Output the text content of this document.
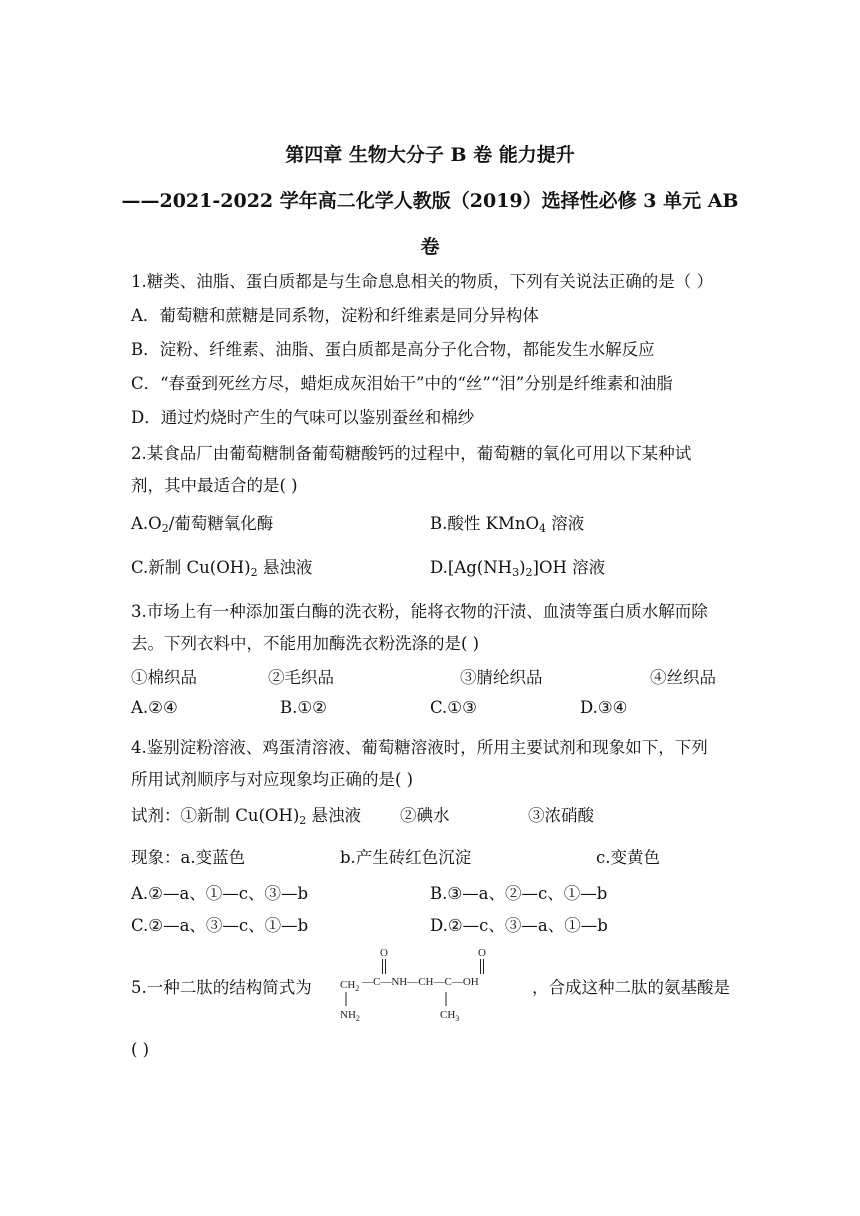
第四章 生物大分子 B 卷 能力提升
——2021-2022 学年高二化学人教版（2019）选择性必修 3 单元 AB
卷
1.糖类、油脂、蛋白质都是与生命息息相关的物质，下列有关说法正确的是（ ）
A．葡萄糖和蔗糖是同系物，淀粉和纤维素是同分异构体
B．淀粉、纤维素、油脂、蛋白质都是高分子化合物，都能发生水解反应
C．“春蚕到死丝方尽，蜡炬成灰泪始干”中的“丝”“泪”分别是纤维素和油脂
D．通过灼烧时产生的气味可以鉴别蚕丝和棉纱
2.某食品厂由葡萄糖制备葡萄糖酸钙的过程中，葡萄糖的氧化可用以下某种试
剂，其中最适合的是( )
$A.O_2/$葡萄糖氧化酶	B.酸性 KMnO$_4$ 溶液
C.新制 $Cu(OH)_2$ 悬浊液	$D.[Ag(NH_3)_2]OH$ 溶液
3.市场上有一种添加蛋白酶的洗衣粉，能将衣物的汗渍、血渍等蛋白质水解而除
去。下列衣料中，不能用加酶洗衣粉洗涤的是( )
①棉织品	②毛织品	③腈纶织品	④丝织品
A.②④	B.①②	C.①③	D.③④
4.鉴别淀粉溶液、鸡蛋清溶液、葡萄糖溶液时，所用主要试剂和现象如下，下列
所用试剂顺序与对应现象均正确的是( )
试剂：①新制 $Cu(OH)_2$ 悬浊液 ②碘水	③浓硝酸
现象：a.变蓝色	b.产生砖红色沉淀	c.变黄色
A.②—a、①—c、③—b	B.③—a、②—c、①—b
C.②—a、③—c、①—b	D.②—c、③—a、①—b
5.一种二肽的结构简式为	，合成这种二肽的氨基酸是
O	O
$CH_2$
—C—NH—CH—C—OH
$NH_2$	$CH_3$
( )
